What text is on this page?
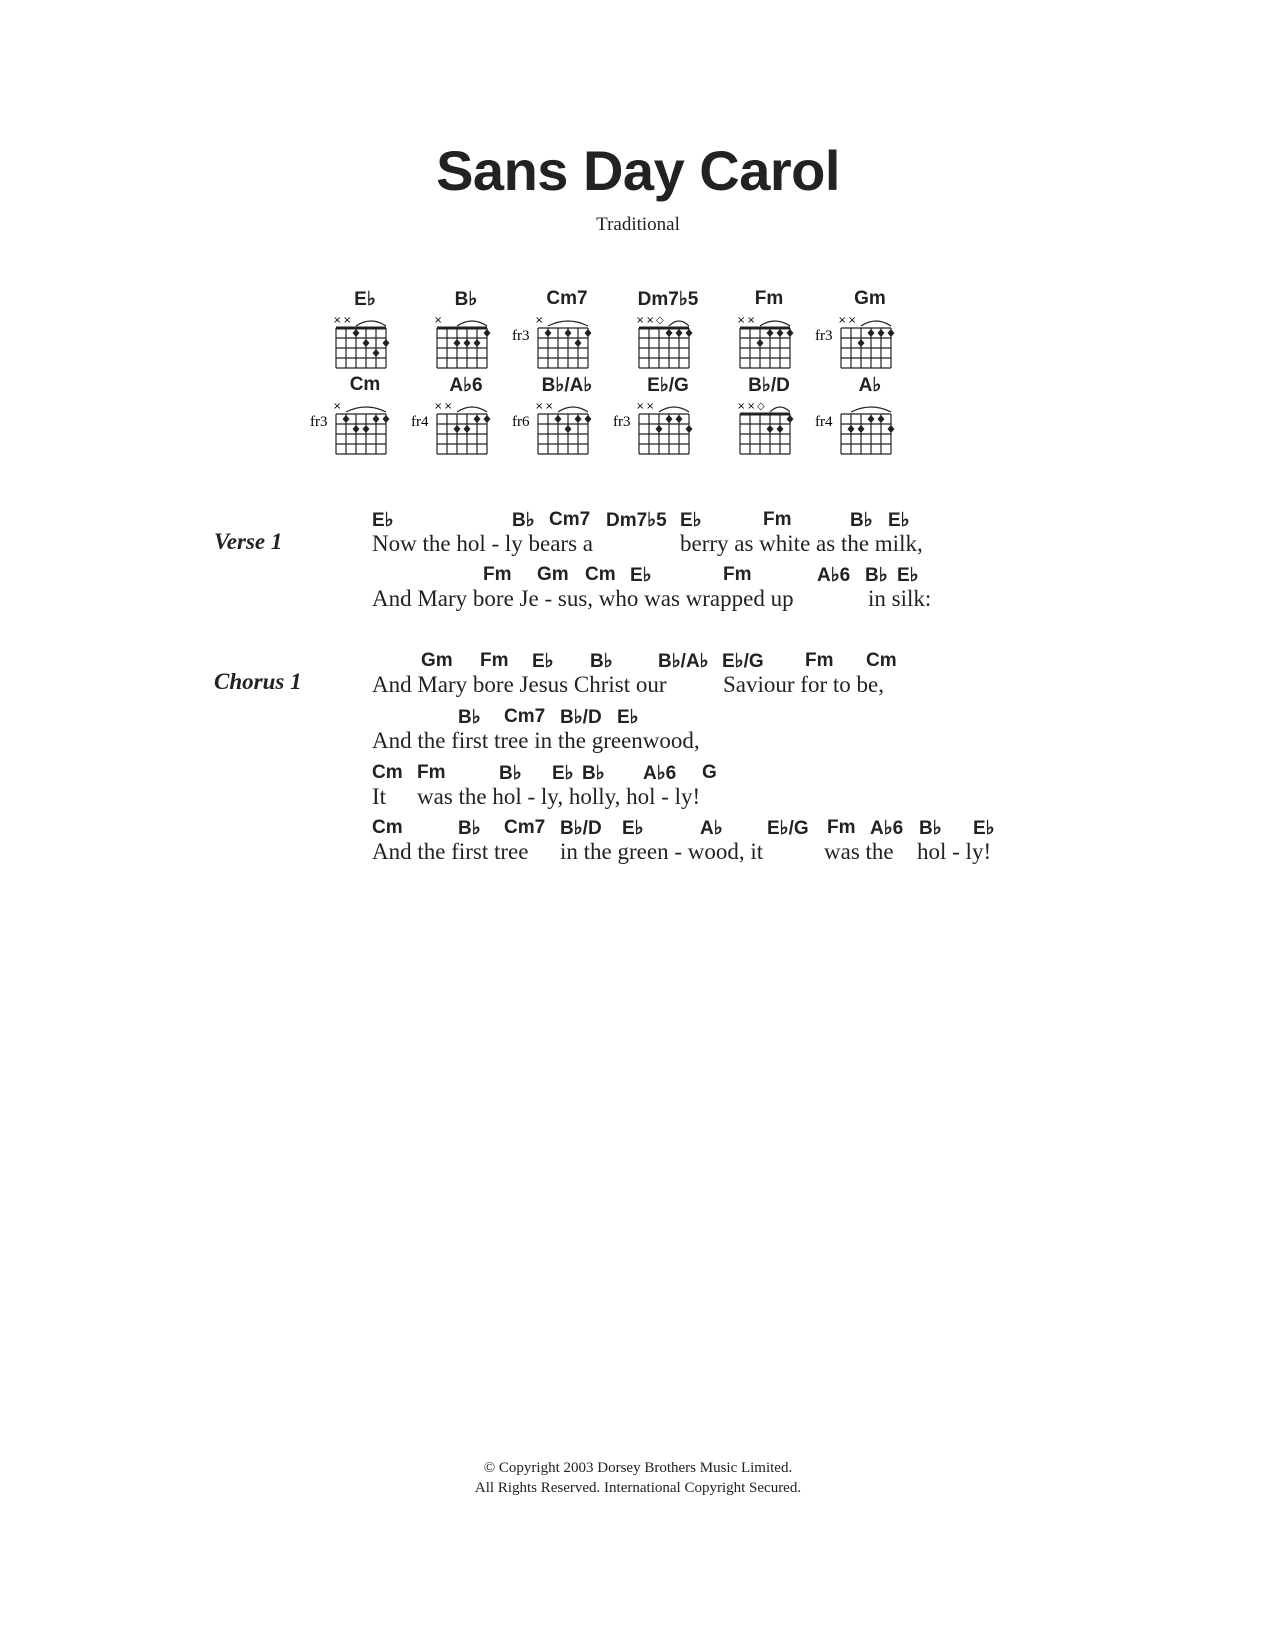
Sans Day Carol
Traditional
E♭
× ×
B♭
×
Cm7
fr3
×
Dm7♭5
× × ◇
Fm
× ×
Gm
fr3
× ×
Cm
fr3
×
A♭6
fr4
× ×
B♭/A♭
fr6
× ×
E♭/G
fr3
× ×
B♭/D
× × ◇
A♭
fr4
Verse 1
E♭	B♭ Cm7 Dm7♭5 E♭	Fm	B♭ E♭
Now the hol - ly bears a	berry as white as the milk,
Fm Gm Cm E♭	Fm	A♭6 B♭ E♭
And Mary bore Je - sus, who was wrapped up	in silk:
Chorus 1
Gm Fm E♭ B♭ B♭/A♭ E♭/G Fm Cm
And Mary bore Jesus Christ our Saviour for to be,
B♭ Cm7 B♭/D E♭
And the first tree in the greenwood,
Cm Fm	B♭ E♭ B♭ A♭6 G
It was the hol - ly, holly, hol - ly!
Cm	B♭ Cm7 B♭/D E♭	A♭ E♭/G Fm A♭6 B♭ E♭
And the first tree in the green - wood, it	was the hol - ly!
© Copyright 2003 Dorsey Brothers Music Limited.
All Rights Reserved. International Copyright Secured.
